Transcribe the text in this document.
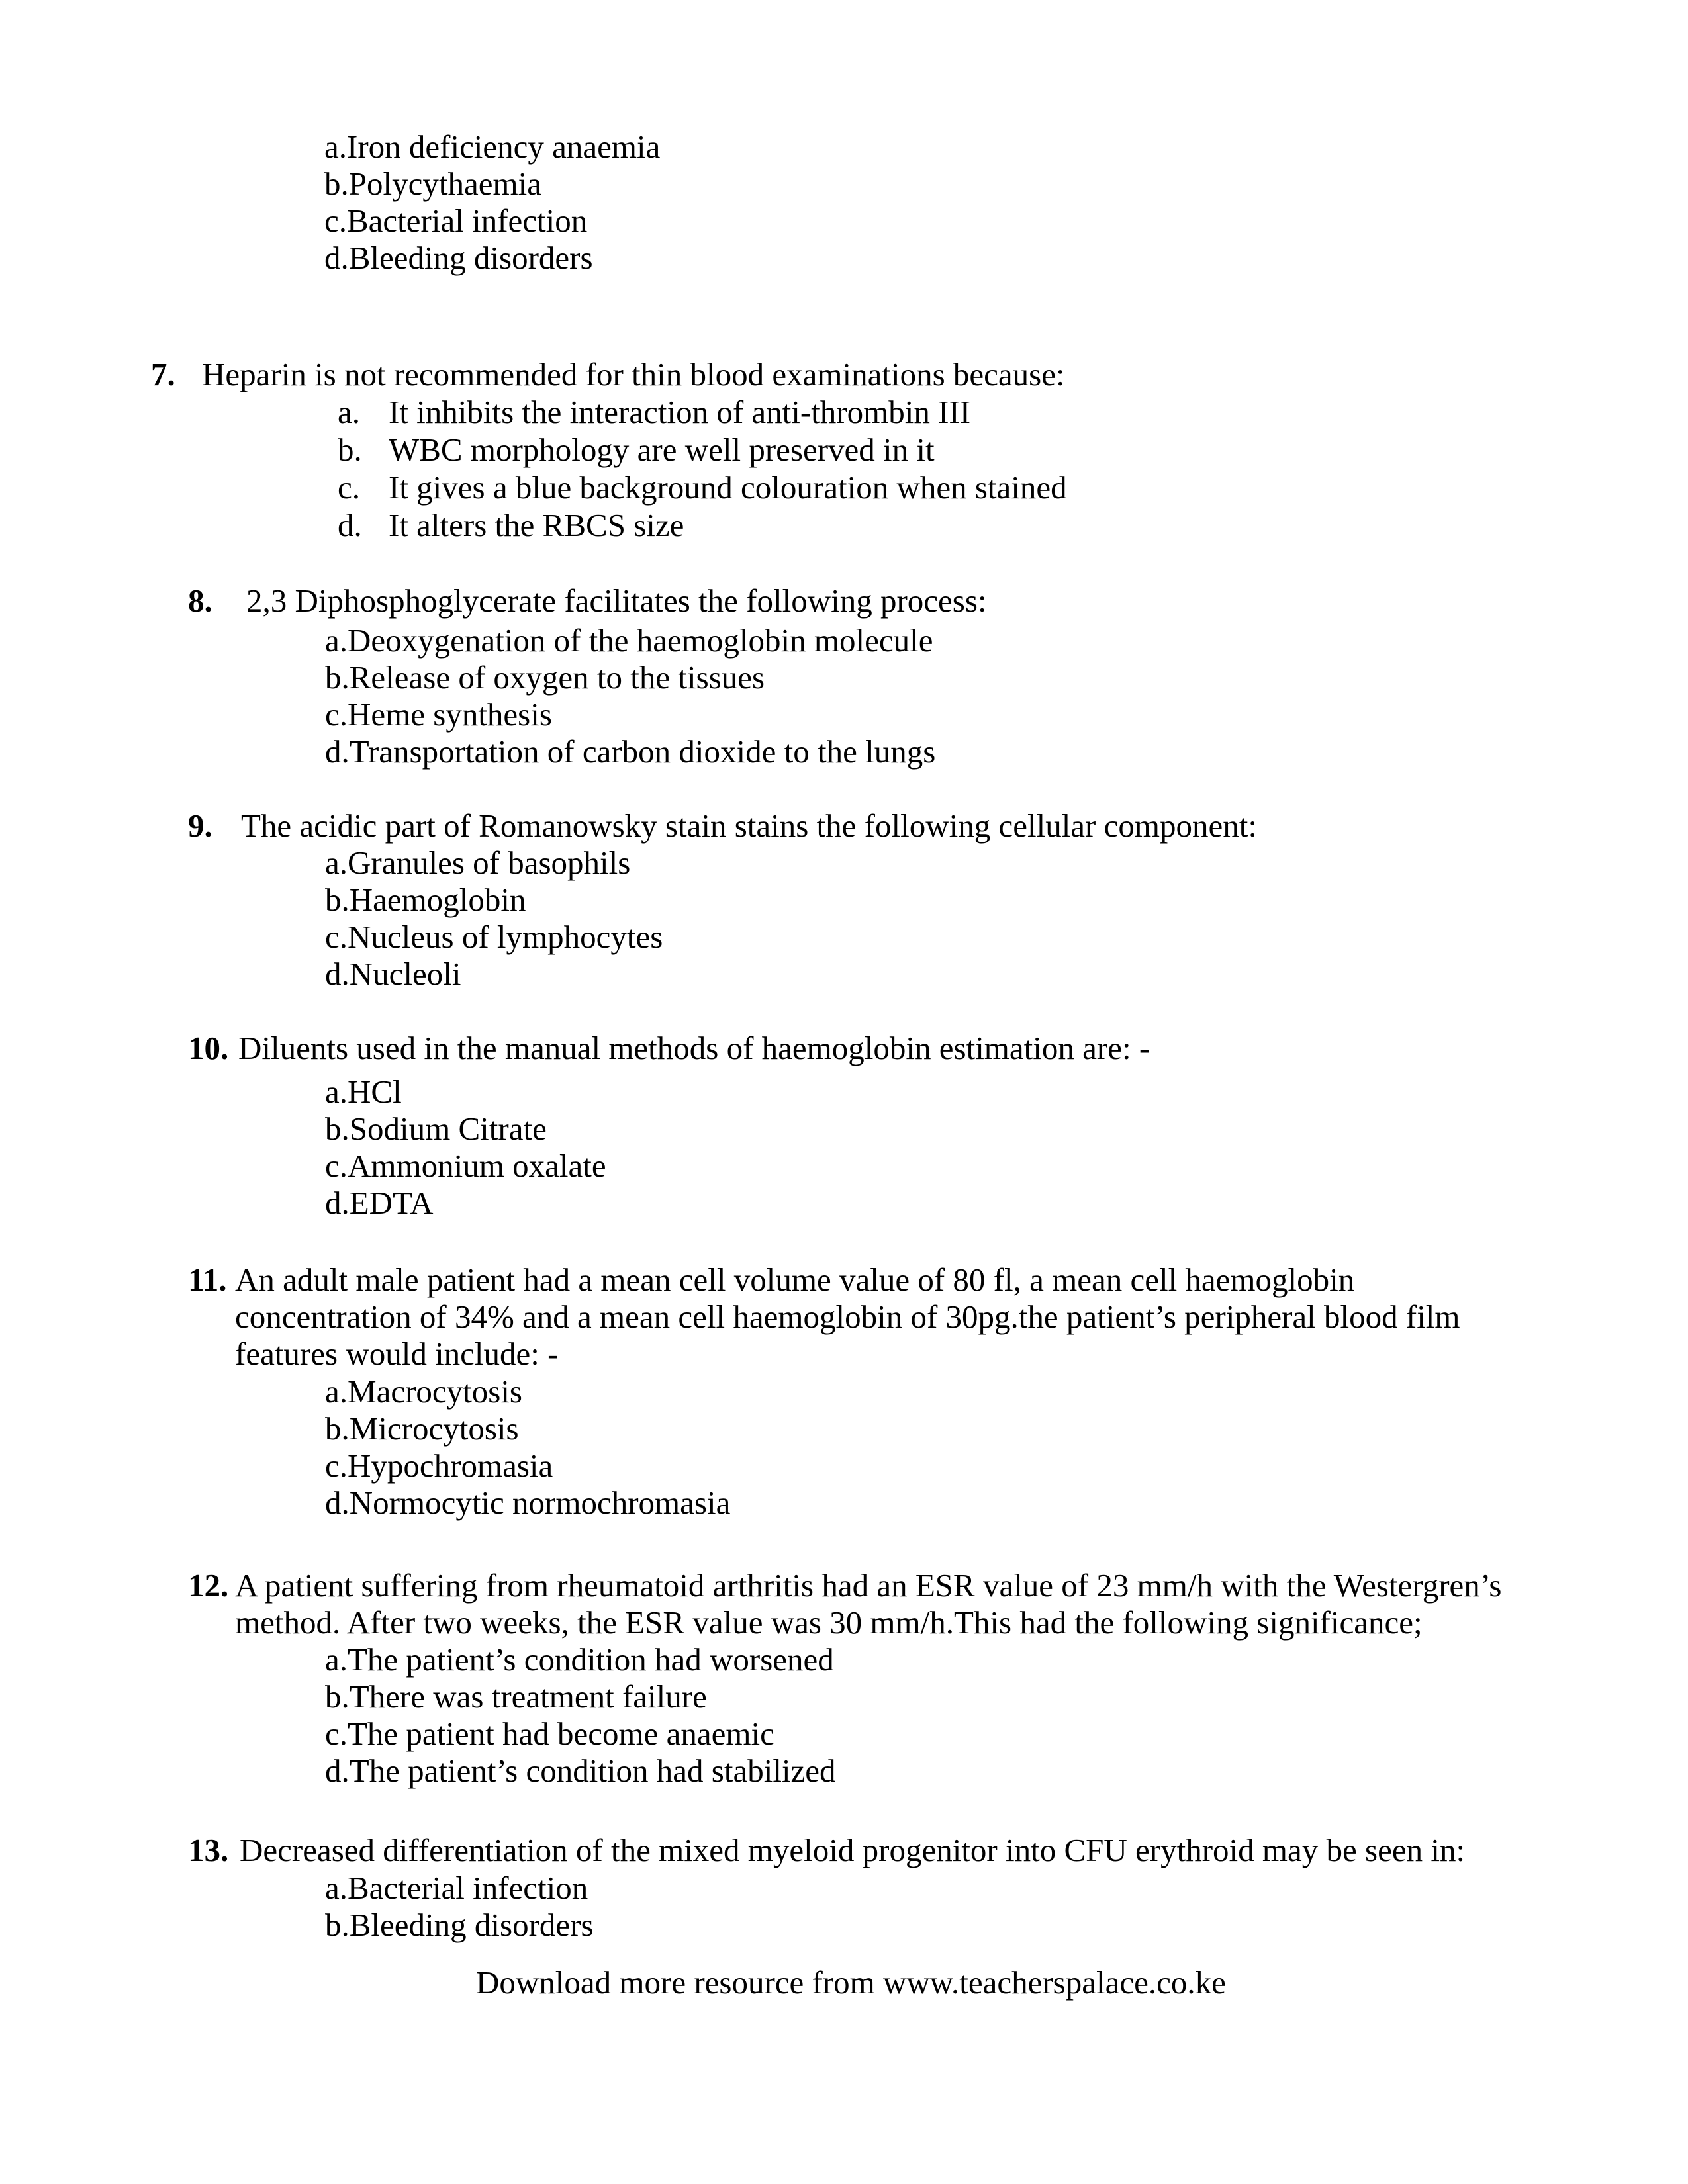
a.Iron deficiency anaemia
b.Polycythaemia
c.Bacterial infection
d.Bleeding disorders
7. Heparin is not recommended for thin blood examinations because:
a. It inhibits the interaction of anti-thrombin III
b. WBC morphology are well preserved in it
c. It gives a blue background colouration when stained
d. It alters the RBCS size
8. 2,3 Diphosphoglycerate facilitates the following process:
a.Deoxygenation of the haemoglobin molecule
b.Release of oxygen to the tissues
c.Heme synthesis
d.Transportation of carbon dioxide to the lungs
9. The acidic part of Romanowsky stain stains the following cellular component:
a.Granules of basophils
b.Haemoglobin
c.Nucleus of lymphocytes
d.Nucleoli
10. Diluents used in the manual methods of haemoglobin estimation are: -
a.HCl
b.Sodium Citrate
c.Ammonium oxalate
d.EDTA
11. An adult male patient had a mean cell volume value of 80 fl, a mean cell haemoglobin
concentration of 34% and a mean cell haemoglobin of 30pg.the patient’s peripheral blood film
features would include: -
a.Macrocytosis
b.Microcytosis
c.Hypochromasia
d.Normocytic normochromasia
12. A patient suffering from rheumatoid arthritis had an ESR value of 23 mm/h with the Westergren’s
method. After two weeks, the ESR value was 30 mm/h.This had the following significance;
a.The patient’s condition had worsened
b.There was treatment failure
c.The patient had become anaemic
d.The patient’s condition had stabilized
13. Decreased differentiation of the mixed myeloid progenitor into CFU erythroid may be seen in:
a.Bacterial infection
b.Bleeding disorders
Download more resource from www.teacherspalace.co.ke
